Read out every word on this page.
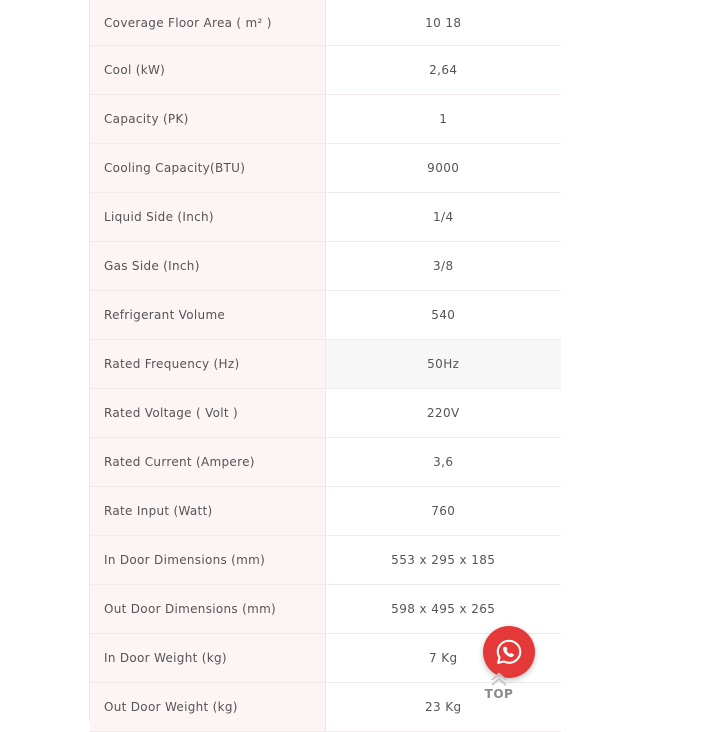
Coverage Floor Area ( m² )	10 18
Cool (kW)	2,64
Capacity (PK)	1
Cooling Capacity(BTU)	9000
Liquid Side (Inch)	1/4
Gas Side (Inch)	3/8
Refrigerant Volume	540
Rated Frequency (Hz)	50Hz
Rated Voltage ( Volt )	220V
Rated Current (Ampere)	3,6
Rate Input (Watt)	760
In Door Dimensions (mm)	553 x 295 x 185
Out Door Dimensions (mm)	598 x 495 x 265
In Door Weight (kg)	7 Kg
Out Door Weight (kg)	23 Kg
TOP
